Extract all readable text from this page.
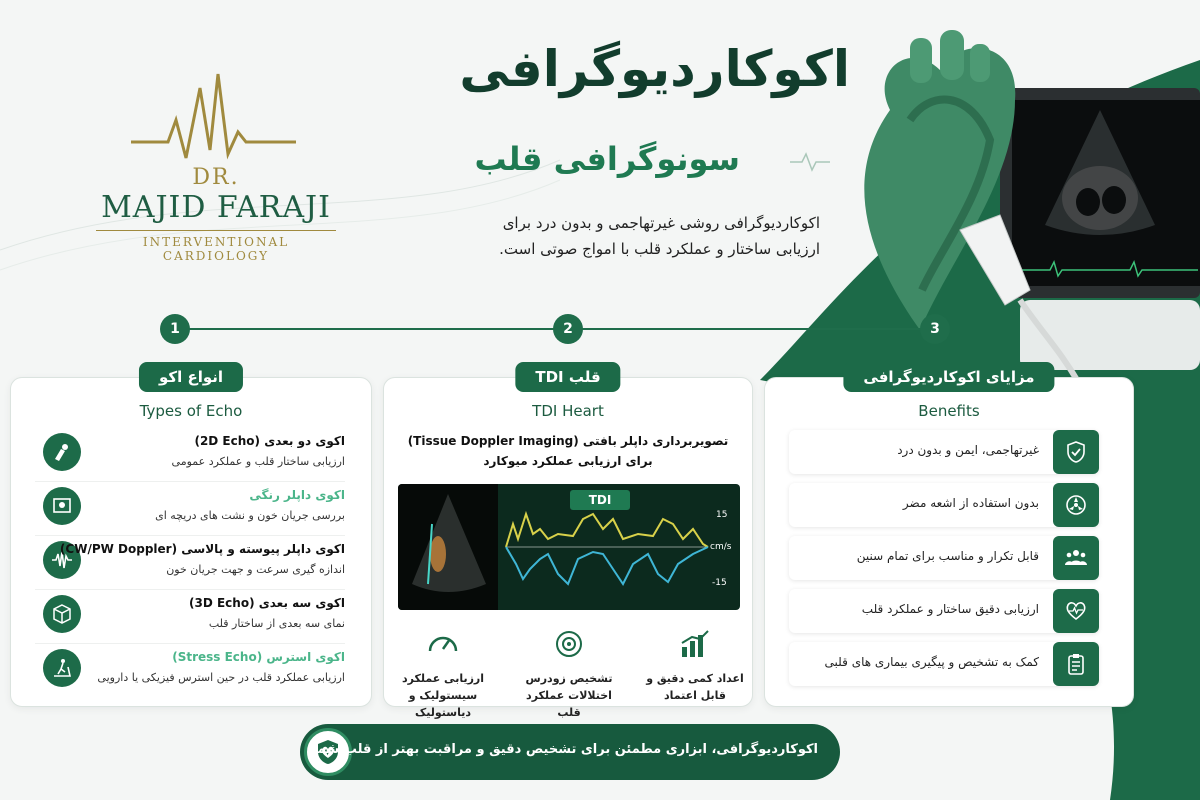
DR.
MAJID FARAJI
INTERVENTIONAL CARDIOLOGY
اکوکاردیوگرافی
سونوگرافی قلب
اکوکاردیوگرافی روشی غیرتهاجمی و بدون درد برای
ارزیابی ساختار و عملکرد قلب با امواج صوتی است.
1	2	3
انواع اکو
Types of Echo
اکوی دو بعدی (2D Echo)
ارزیابی ساختار قلب و عملکرد عمومی
اکوی داپلر رنگی
بررسی جریان خون و نشت های دریچه ای
اکوی داپلر پیوسته و پالاسی (CW/PW Doppler)
اندازه گیری سرعت و جهت جریان خون
اکوی سه بعدی (3D Echo)
نمای سه بعدی از ساختار قلب
اکوی استرس (Stress Echo)
ارزیابی عملکرد قلب در حین استرس فیزیکی یا دارویی
قلب TDI
TDI Heart
تصویربرداری داپلر بافتی (Tissue Doppler Imaging)
برای ارزیابی عملکرد میوکارد
TDI
15
cm/s
-15
اعداد کمی دقیق و قابل اعتماد
تشخیص زودرس اختلالات عملکرد قلب
ارزیابی عملکرد سیستولیک و دیاستولیک
مزایای اکوکاردیوگرافی
Benefits
غیرتهاجمی، ایمن و بدون درد
بدون استفاده از اشعه مضر
قابل تکرار و مناسب برای تمام سنین
ارزیابی دقیق ساختار و عملکرد قلب
کمک به تشخیص و پیگیری بیماری های قلبی
اکوکاردیوگرافی، ابزاری مطمئن برای تشخیص دقیق و مراقبت بهتر از قلب شما
